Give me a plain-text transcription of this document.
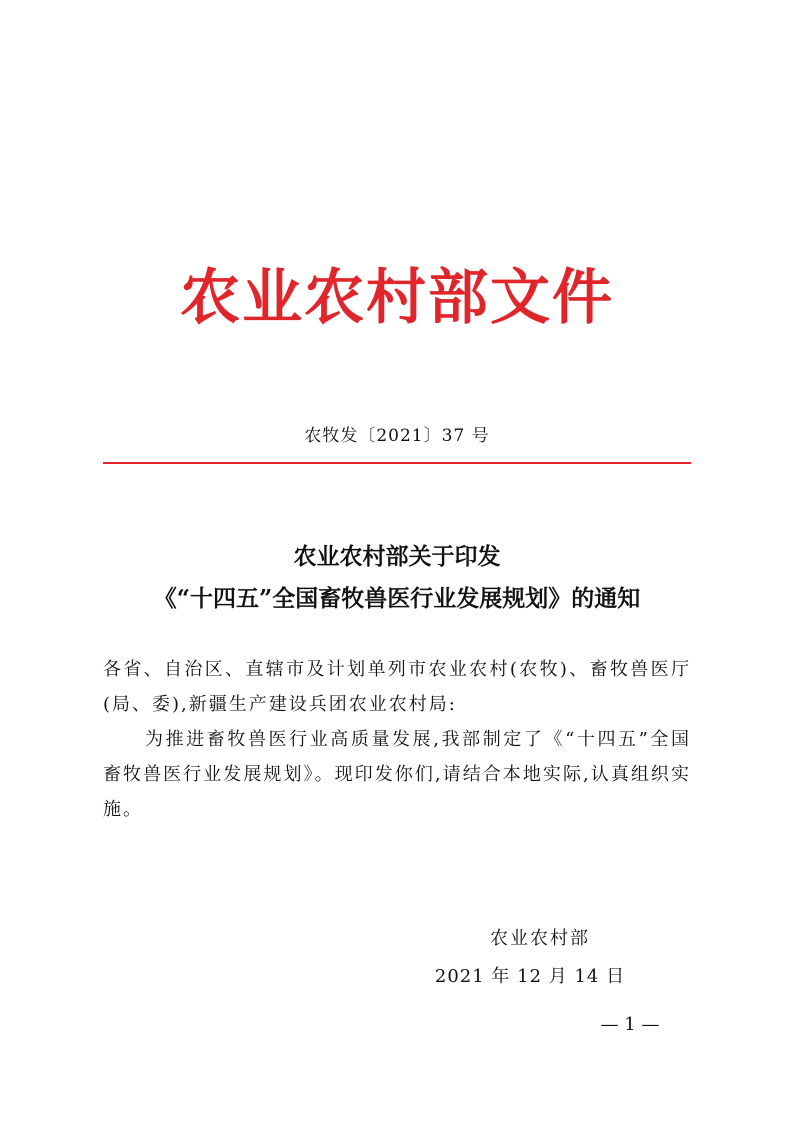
农业农村部文件
农牧发〔2021〕37 号
农业农村部关于印发
《“十四五”全国畜牧兽医行业发展规划》的通知

各省、自治区、直辖市及计划单列市农业农村(农牧)、畜牧兽医厅(局、委),新疆生产建设兵团农业农村局:

为推进畜牧兽医行业高质量发展,我部制定了《“十四五”全国畜牧兽医行业发展规划》。现印发你们,请结合本地实际,认真组织实施。

农业农村部
2021 年 12 月 14 日
— 1 —
